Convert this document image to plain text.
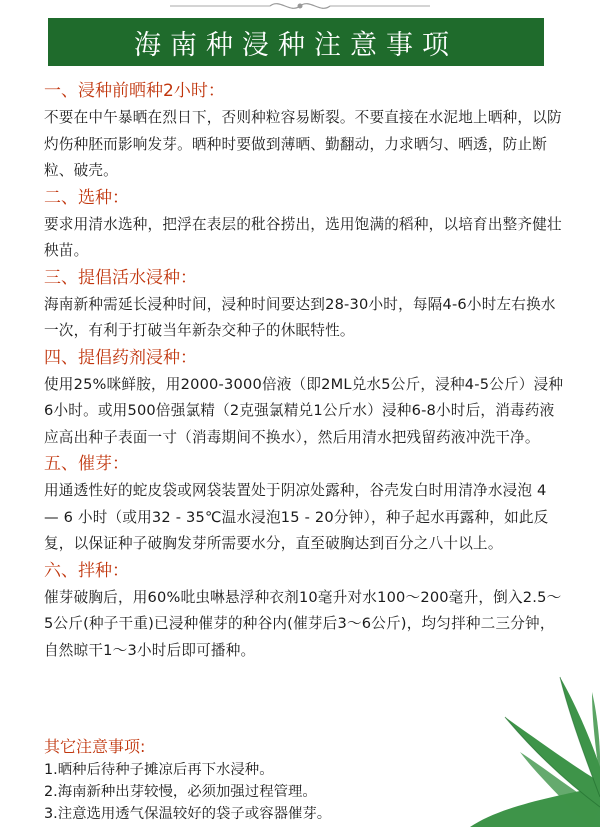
海南种浸种注意事项
一、浸种前晒种2小时：
不要在中午暴晒在烈日下，否则种粒容易断裂。不要直接在水泥地上晒种，以防灼伤种胚而影响发芽。晒种时要做到薄晒、勤翻动，力求晒匀、晒透，防止断粒、破壳。
二、选种：
要求用清水选种，把浮在表层的秕谷捞出，选用饱满的稻种，以培育出整齐健壮秧苗。
三、提倡活水浸种：
海南新种需延长浸种时间，浸种时间要达到28-30小时，每隔4-6小时左右换水一次，有利于打破当年新杂交种子的休眠特性。
四、提倡药剂浸种：
使用25%咪鲜胺，用2000-3000倍液（即2ML兑水5公斤，浸种4-5公斤）浸种6小时。或用500倍强氯精（2克强氯精兑1公斤水）浸种6-8小时后，消毒药液应高出种子表面一寸（消毒期间不换水），然后用清水把残留药液冲洗干净。
五、催芽：
用通透性好的蛇皮袋或网袋装置处于阴凉处露种，谷壳发白时用清净水浸泡 4 — 6 小时（或用32 - 35℃温水浸泡15 - 20分钟），种子起水再露种，如此反复，以保证种子破胸发芽所需要水分，直至破胸达到百分之八十以上。
六、拌种：
催芽破胸后，用60%吡虫啉悬浮种衣剂10毫升对水100～200毫升，倒入2.5～5公斤(种子干重)已浸种催芽的种谷内(催芽后3～6公斤)，均匀拌种二三分钟，自然晾干1～3小时后即可播种。
其它注意事项:
1.晒种后待种子摊凉后再下水浸种。
2.海南新种出芽较慢，必须加强过程管理。
3.注意选用透气保温较好的袋子或容器催芽。
